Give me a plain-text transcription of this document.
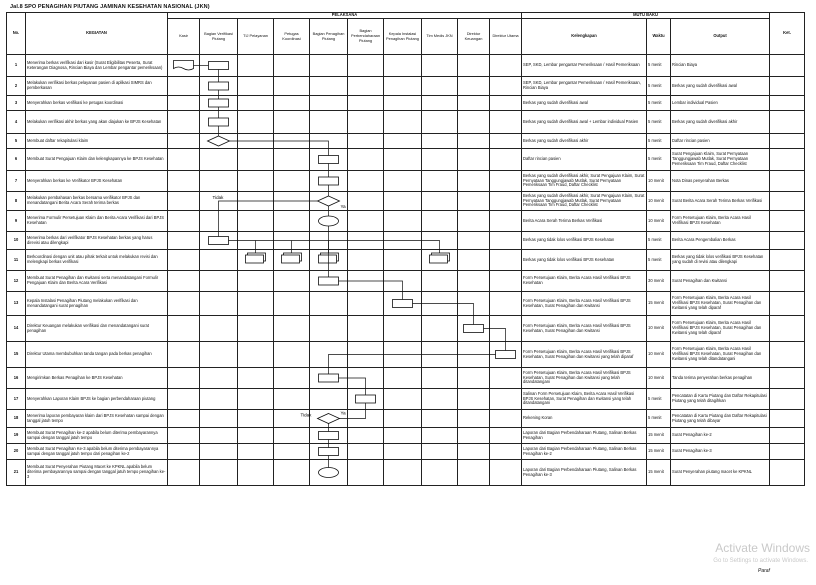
Jal.8 SPO PENAGIHAN PIUTANG JAMINAN KESEHATAN NASIONAL (JKN)
No.	KEGIATAN	PELAKSANA										MUTU BAKU			Ket.
		Kasir	Bagian Verifikasi Piutang	TIJ Pelayanan	Petugas Koordinasi	Bagian Penagihan Piutang	Bagian Perbendaharaan Piutang	Kepala Instalasi Penagihan Piutang	Tim Medis JKN	Direktur Keuangan	Direktur Utama	Kelengkapan	Waktu	Output	
1	Menerima berkas verifikasi dari kasir (Surat Eligibilitas Peserta, Surat Keterangan Diagnosa, Rincian Biaya dan Lembar pengantar pemeriksaan)											SEP, SKD, Lembar pengantar Pemeriksaan / Hasil Pemeriksaan	5 menit	Rincian Biaya	
2	Melakukan verifikasi berkas pelayanan pasien di aplikasi SIMRS dan pemberkasan											SEP, SKD, Lembar pengantar Pemeriksaan / Hasil Pemeriksaan, Rincian Biaya	5 menit	Berkas yang sudah diverifikasi awal	
3	Menyerahkan berkas verifikasi ke petugas koordinasi											Berkas yang sudah diverifikasi awal	5 menit	Lembar individual Pasien	
4	Melakukan verifikasi akhir berkas yang akan diajukan ke BPJS Kesehatan											Berkas yang sudah diverifikasi awal + Lembar individual Pasien	5 menit	Berkas yang sudah diverifikasi akhir	
5	Membuat daftar rekapitulasi klaim											Berkas yang sudah diverifikasi akhir	5 menit	Daftar rincian pasien	
6	Membuat Surat Pengajuan Klaim dan kelengkapannya ke BPJS Kesehatan											Daftar rincian pasien	5 menit	Surat Pengajuan Klaim, Surat Pernyataan Tanggungjawab Mutlak, Surat Pernyataan Pemeriksaan Tim Fraud, Daftar Checklist	
7	Menyerahkan berkas ke Verifikator BPJS Kesehatan											Berkas yang sudah diverifikasi akhir, Surat Pengajuan Klaim, Surat Pernyataan Tanggungjawab Mutlak, Surat Pernyataan Pemeriksaan Tim Fraud, Daftar Checklist	10 menit	Nota Dinas penyerahan Berkas	
8	Melakukan pembahasan berkas bersama verifikator BPJS dan menandatangani Berita Acara Serah terima berkas											Berkas yang sudah diverifikasi akhir, Surat Pengajuan Klaim, Surat Pernyataan Tanggungjawab Mutlak, Surat Pernyataan Pemeriksaan Tim Fraud, Daftar Checklist	10 menit	Surat Berita Acara Serah Terima Berkas Verifikasi	
9	Menerima Formulir Persetujuan Klaim dan Berita Acara Verifikasi dari BPJS Kesehatan											Berita Acara Serah Terima Berkas Verifikasi	10 menit	Form Persetujuan Klaim, Berita Acara Hasil Verifikasi BPJS Kesehatan	
10	Menerima berkas dari verifikator BPJS Kesehatan berkas yang harus direvisi atau dilengkapi											Berkas yang tidak lolos verifikasi BPJS Kesehatan	5 menit	Berita Acara Pengembalian Berkas	
11	Berkoordinasi dengan unit atau pihak terkait untuk melakukan revisi dan melengkapi berkas verifikasi											Berkas yang tidak lolos verifikasi BPJS Kesehatan	5 menit	Berkas yang tidak lolos verifikasi BPJS Kesehatan yang sudah di revisi atau dilengkapi	
12	Membuat Surat Penagihan dan Kwitansi serta menandatangani Formulir Pengajuan Klaim dan Berita Acara Verifikasi											Form Persetujuan Klaim, Berita Acara Hasil Verifikasi BPJS Kesehatan	30 menit	Surat Penagihan dan Kwitansi	
13	Kepala Instalasi Penagihan Piutang melakukan verifikasi dan menandatangani surat penagihan											Form Persetujuan Klaim, Berita Acara Hasil Verifikasi BPJS Kesehatan, Surat Penagihan dan Kwitansi	15 menit	Form Persetujuan Klaim, Berita Acara Hasil Verifikasi BPJS Kesehatan, Surat Penagihan dan Kwitansi yang telah diparaf	
14	Direktur Keuangan melakukan verifikasi dan menandatangani surat penagihan											Form Persetujuan Klaim, Berita Acara Hasil Verifikasi BPJS Kesehatan, Surat Penagihan dan Kwitansi	10 menit	Form Persetujuan Klaim, Berita Acara Hasil Verifikasi BPJS Kesehatan, Surat Penagihan dan Kwitansi yang telah diparaf	
15	Direktur Utama membubuhkan tanda tangan pada berkas penagihan											Form Persetujuan Klaim, Berita Acara Hasil Verifikasi BPJS Kesehatan, Surat Penagihan dan Kwitansi yang telah diparaf	10 menit	Form Persetujuan Klaim, Berita Acara Hasil Verifikasi BPJS Kesehatan, Surat Penagihan dan Kwitansi yang telah ditandatangani	
16	Mengirimkan Berkas Penagihan ke BPJS Kesehatan											Form Persetujuan Klaim, Berita Acara Hasil Verifikasi BPJS Kesehatan, Surat Penagihan dan Kwitansi yang telah ditandatangani	10 menit	Tanda terima penyerahan berkas penagihan	
17	Menyerahkan Laporan Klaim BPJS ke bagian perbendaharaan piutang											Salinan Form Persetujuan Klaim, Berita Acara Hasil Verifikasi BPJS Kesehatan, Surat Penagihan dan Kwitansi yang telah ditandatangani	5 menit	Pencatatan di Kartu Piutang dan Daftar Rekapitulasi Piutang yang telah ditagihkan	
18	Menerima laporan pembayaran klaim dari BPJS Kesehatan sampai dengan tanggal jatuh tempo											Rekening Koran	5 menit	Pencatatan di Kartu Piutang dan Daftar Rekapitulasi Piutang yang telah dibayar	
19	Membuat Surat Penagihan ke-2 apabila belum diterima pembayarannya sampai dengan tanggal jatuh tempo											Laporan dari Bagian Perbendaharaan Piutang, Salinan Berkas Penagihan	15 menit	Surat Penagihan ke-2	
20	Membuat Surat Penagihan Ke-3 apabila belum diterima pembayarannya sampai dengan tanggal jatuh tempo dari penagihan ke-2											Laporan dari Bagian Perbendaharaan Piutang, Salinan Berkas Penagihan ke-2	15 menit	Surat Penagihan ke-3	
21	Membuat Surat Penyerahan Piutang Macet ke KPKNL apabila belum diterima pembayarannya sampai dengan tanggal jatuh tempo penagihan ke-3											Laporan dari Bagian Perbendaharaan Piutang, Salinan Berkas Penagihan ke-3	15 menit	Surat Penyerahan piutang macet ke KPKNL	
Tidak
Ya
Tidak	Ya
Activate Windows
Go to Settings to activate Windows.
Paraf
